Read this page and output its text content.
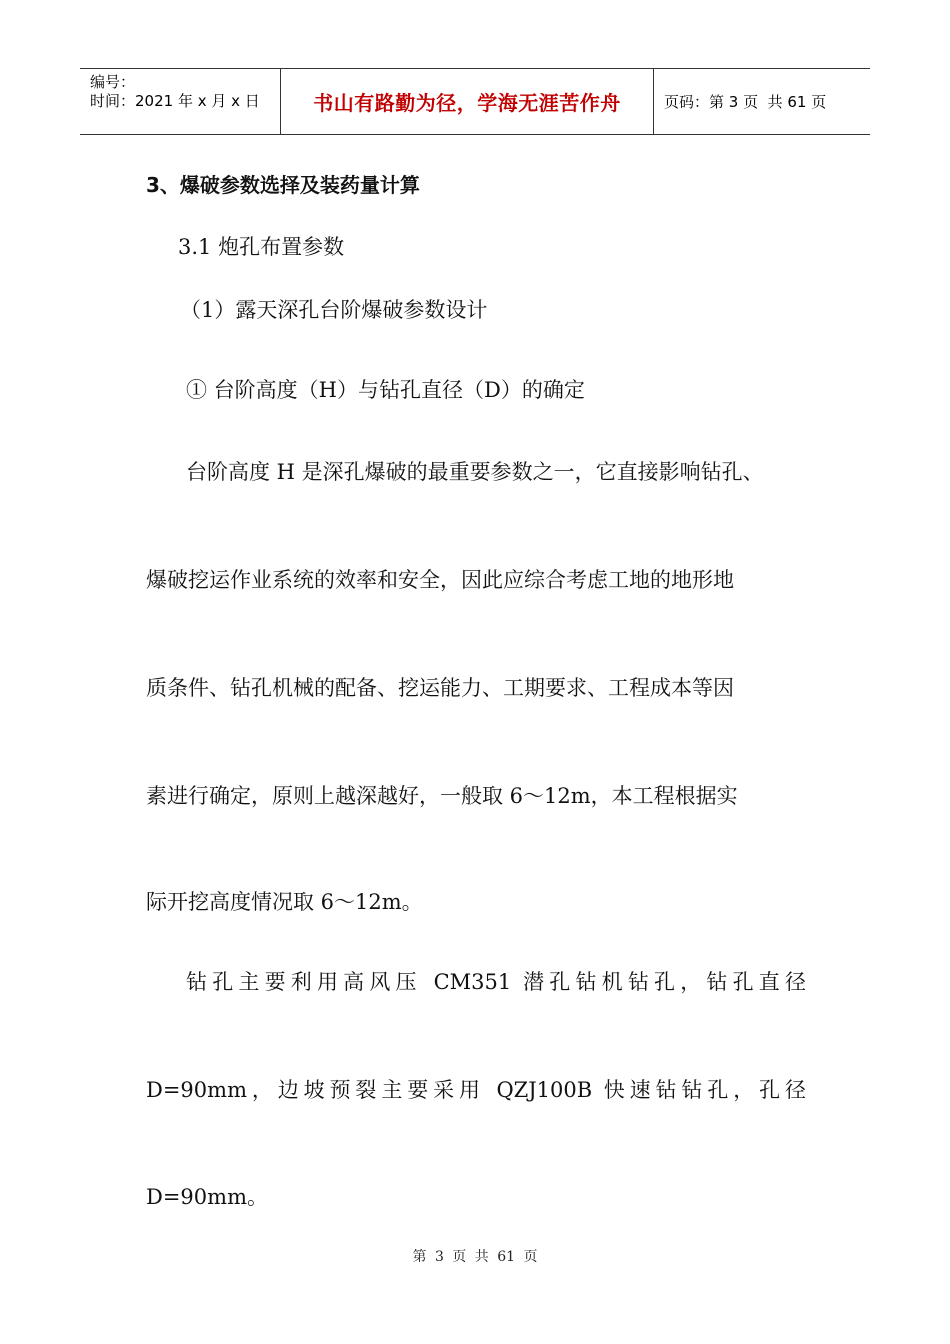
编号：
时间：2021 年 x 月 x 日	书山有路勤为径，学海无涯苦作舟	页码：第 3 页  共 61 页
3、爆破参数选择及装药量计算
3.1 炮孔布置参数
（1）露天深孔台阶爆破参数设计
① 台阶高度（H）与钻孔直径（D）的确定
台阶高度 H 是深孔爆破的最重要参数之一，它直接影响钻孔、
爆破挖运作业系统的效率和安全，因此应综合考虑工地的地形地
质条件、钻孔机械的配备、挖运能力、工期要求、工程成本等因
素进行确定，原则上越深越好，一般取 6～12m，本工程根据实
际开挖高度情况取 6～12m。
钻孔主要利用高风压 CM351 潜孔钻机钻孔，钻孔直径
D=90mm，边坡预裂主要采用 QZJ100B 快速钻钻孔，孔径
D=90mm。
第 3 页 共 61 页
